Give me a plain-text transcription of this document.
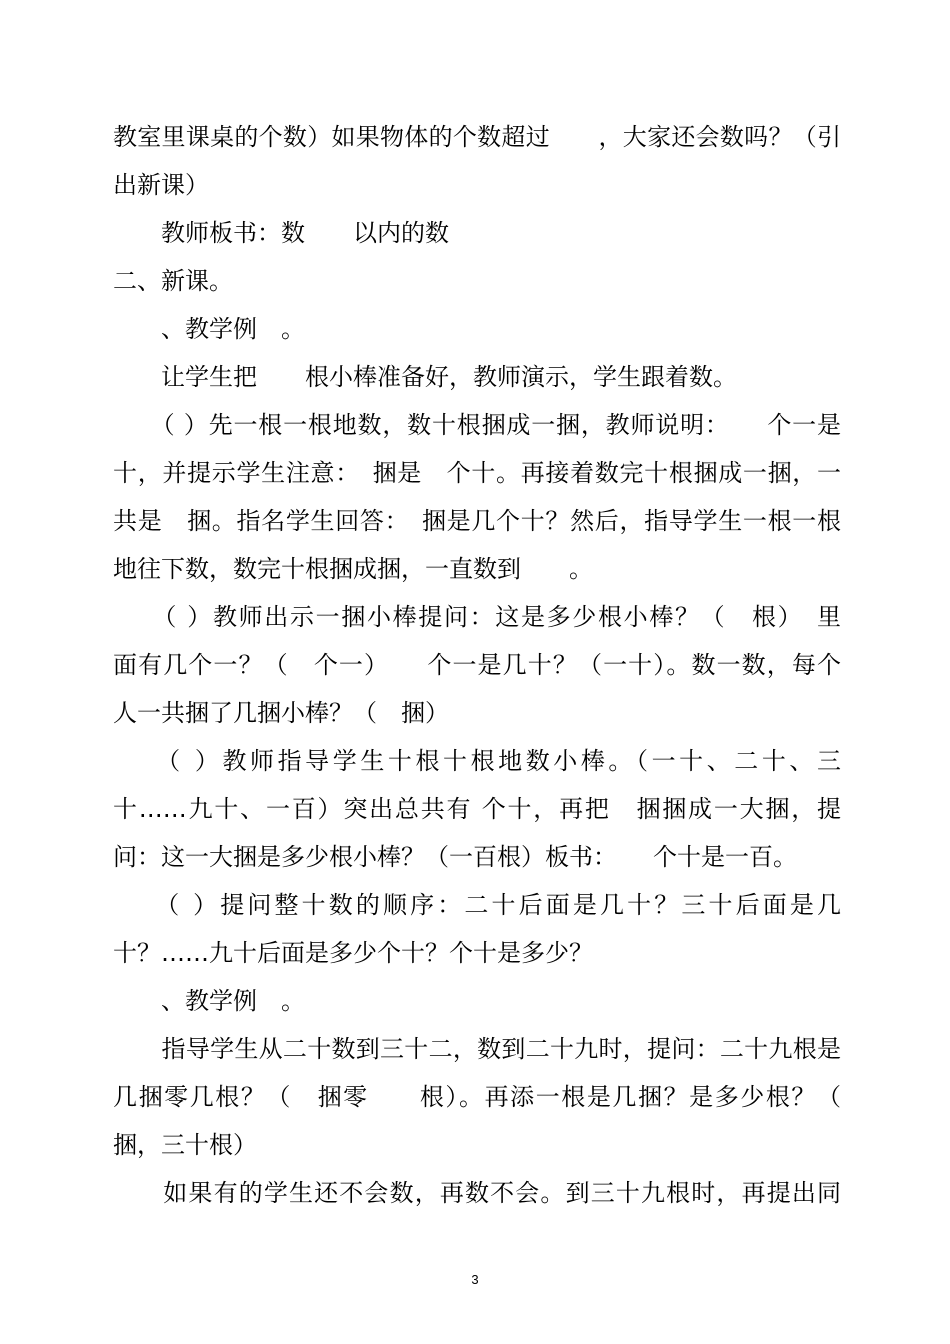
教室里课桌的个数）如果物体的个数超过　　，大家还会数吗？（引
出新课）
　　教师板书：数　　以内的数
二、新课。
　　、教学例　。
　　让学生把　　根小棒准备好，教师演示，学生跟着数。
　　（ ）先一根一根地数，数十根捆成一捆，教师说明：　　个一是
十，并提示学生注意：　捆是　个十。再接着数完十根捆成一捆，一
共是　捆。指名学生回答：　捆是几个十？然后，指导学生一根一根
地往下数，数完十根捆成捆，一直数到　　。
　　（ ）教师出示一捆小棒提问：这是多少根小棒？（　根）　里
面有几个一？（　个一）　　个一是几十？（一十）。数一数，每个
人一共捆了几捆小棒？（　捆）
　　（ ）教师指导学生十根十根地数小棒。（一十、二十、三
十……九十、一百）突出总共有 个十，再把　捆捆成一大捆，提
问：这一大捆是多少根小棒？（一百根）板书：　　个十是一百。
　　（ ）提问整十数的顺序：二十后面是几十？三十后面是几
十？……九十后面是多少个十？个十是多少？
　　、教学例　。
　　指导学生从二十数到三十二，数到二十九时，提问：二十九根是
几捆零几根？（　捆零　　根）。再添一根是几捆？是多少根？（
捆，三十根）
　　如果有的学生还不会数，再数不会。到三十九根时，再提出同
3
